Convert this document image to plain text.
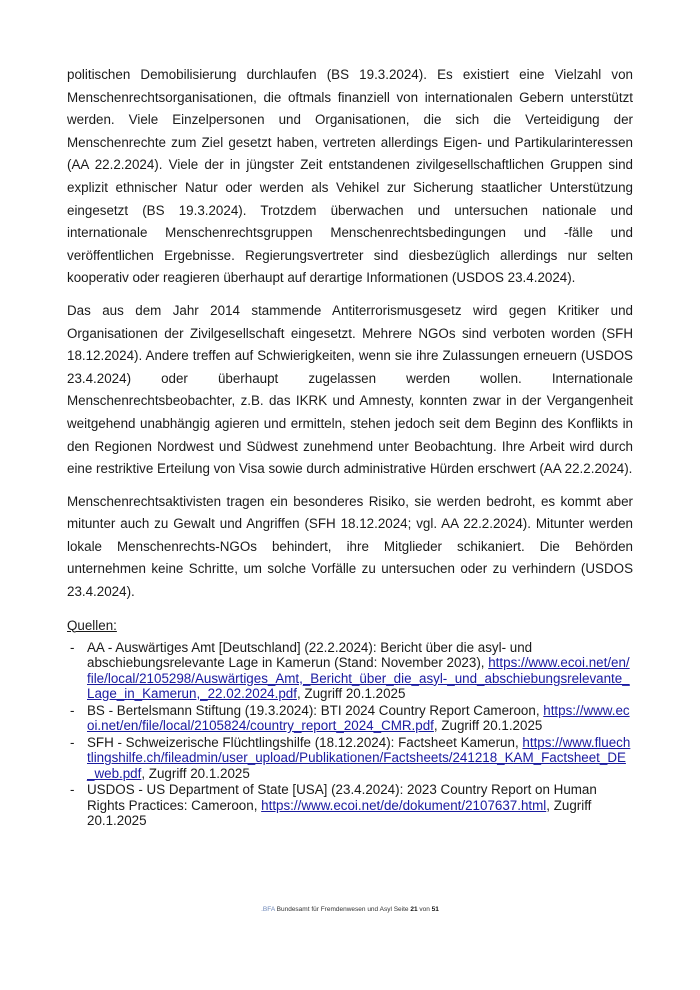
politischen Demobilisierung durchlaufen (BS 19.3.2024). Es existiert eine Vielzahl von Menschenrechtsorganisationen, die oftmals finanziell von internationalen Gebern unterstützt werden. Viele Einzelpersonen und Organisationen, die sich die Verteidigung der Menschenrechte zum Ziel gesetzt haben, vertreten allerdings Eigen- und Partikularinteressen (AA 22.2.2024). Viele der in jüngster Zeit entstandenen zivilgesellschaftlichen Gruppen sind explizit ethnischer Natur oder werden als Vehikel zur Sicherung staatlicher Unterstützung eingesetzt (BS 19.3.2024). Trotzdem überwachen und untersuchen nationale und internationale Menschenrechtsgruppen Menschenrechtsbedingungen und -fälle und veröffentlichen Ergebnisse. Regierungsvertreter sind diesbezüglich allerdings nur selten kooperativ oder reagieren überhaupt auf derartige Informationen (USDOS 23.4.2024).

Das aus dem Jahr 2014 stammende Antiterrorismusgesetz wird gegen Kritiker und Organisationen der Zivilgesellschaft eingesetzt. Mehrere NGOs sind verboten worden (SFH 18.12.2024). Andere treffen auf Schwierigkeiten, wenn sie ihre Zulassungen erneuern (USDOS 23.4.2024) oder überhaupt zugelassen werden wollen. Internationale Menschenrechtsbeobachter, z.B. das IKRK und Amnesty, konnten zwar in der Vergangenheit weitgehend unabhängig agieren und ermitteln, stehen jedoch seit dem Beginn des Konflikts in den Regionen Nordwest und Südwest zunehmend unter Beobachtung. Ihre Arbeit wird durch eine restriktive Erteilung von Visa sowie durch administrative Hürden erschwert (AA 22.2.2024).

Menschenrechtsaktivisten tragen ein besonderes Risiko, sie werden bedroht, es kommt aber mitunter auch zu Gewalt und Angriffen (SFH 18.12.2024; vgl. AA 22.2.2024). Mitunter werden lokale Menschenrechts-NGOs behindert, ihre Mitglieder schikaniert. Die Behörden unternehmen keine Schritte, um solche Vorfälle zu untersuchen oder zu verhindern (USDOS 23.4.2024).

Quellen:
- AA - Auswärtiges Amt [Deutschland] (22.2.2024): Bericht über die asyl- und abschiebungsrelevante Lage in Kamerun (Stand: November 2023), https://www.ecoi.net/en/file/local/2105298/Auswärtiges_Amt,_Bericht_über_die_asyl-_und_abschiebungsrelevante_Lage_in_Kamerun,_22.02.2024.pdf, Zugriff 20.1.2025
- BS - Bertelsmann Stiftung (19.3.2024): BTI 2024 Country Report Cameroon, https://www.ecoi.net/en/file/local/2105824/country_report_2024_CMR.pdf, Zugriff 20.1.2025
- SFH - Schweizerische Flüchtlingshilfe (18.12.2024): Factsheet Kamerun, https://www.fluechtlingshilfe.ch/fileadmin/user_upload/Publikationen/Factsheets/241218_KAM_Factsheet_DE_web.pdf, Zugriff 20.1.2025
- USDOS - US Department of State [USA] (23.4.2024): 2023 Country Report on Human Rights Practices: Cameroon, https://www.ecoi.net/de/dokument/2107637.html, Zugriff 20.1.2025
.BFA Bundesamt für Fremdenwesen und Asyl Seite 21 von 51
